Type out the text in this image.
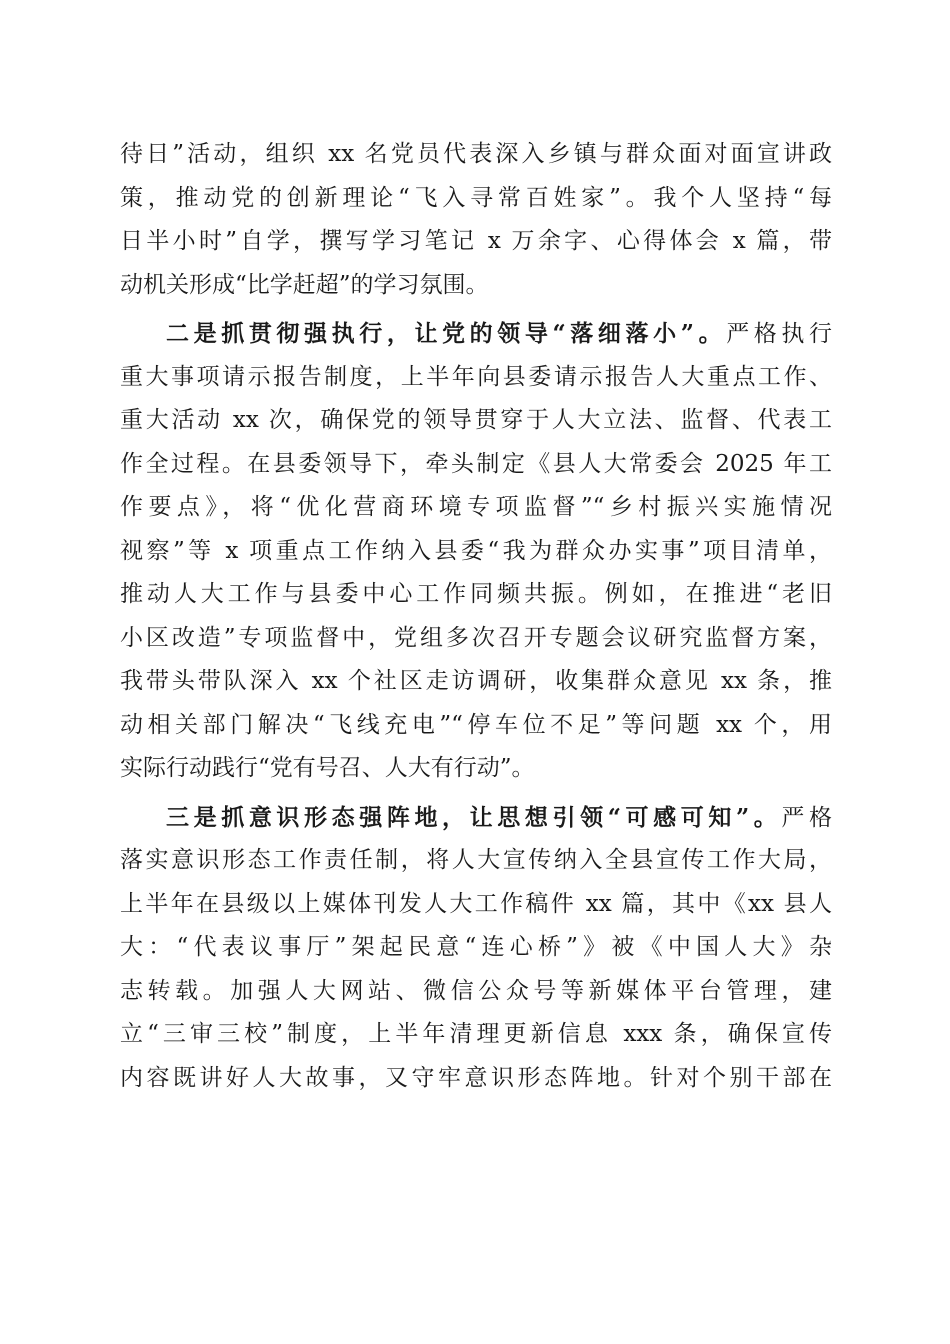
待日”活动，组织 xx 名党员代表深入乡镇与群众面对面宣讲政
策，推动党的创新理论“飞入寻常百姓家”。我个人坚持“每
日半小时”自学，撰写学习笔记 x 万余字、心得体会 x 篇，带
动机关形成“比学赶超”的学习氛围。
二是抓贯彻强执行，让党的领导“落细落小”。严格执行
重大事项请示报告制度，上半年向县委请示报告人大重点工作、
重大活动 xx 次，确保党的领导贯穿于人大立法、监督、代表工
作全过程。在县委领导下，牵头制定《县人大常委会 2025 年工
作要点》，将“优化营商环境专项监督”“乡村振兴实施情况
视察”等 x 项重点工作纳入县委“我为群众办实事”项目清单，
推动人大工作与县委中心工作同频共振。例如，在推进“老旧
小区改造”专项监督中，党组多次召开专题会议研究监督方案，
我带头带队深入 xx 个社区走访调研，收集群众意见 xx 条，推
动相关部门解决“飞线充电”“停车位不足”等问题 xx 个，用
实际行动践行“党有号召、人大有行动”。
三是抓意识形态强阵地，让思想引领“可感可知”。严格
落实意识形态工作责任制，将人大宣传纳入全县宣传工作大局，
上半年在县级以上媒体刊发人大工作稿件 xx 篇，其中《xx 县人
大：“代表议事厅”架起民意“连心桥”》被《中国人大》杂
志转载。加强人大网站、微信公众号等新媒体平台管理，建
立“三审三校”制度，上半年清理更新信息 xxx 条，确保宣传
内容既讲好人大故事，又守牢意识形态阵地。针对个别干部在
